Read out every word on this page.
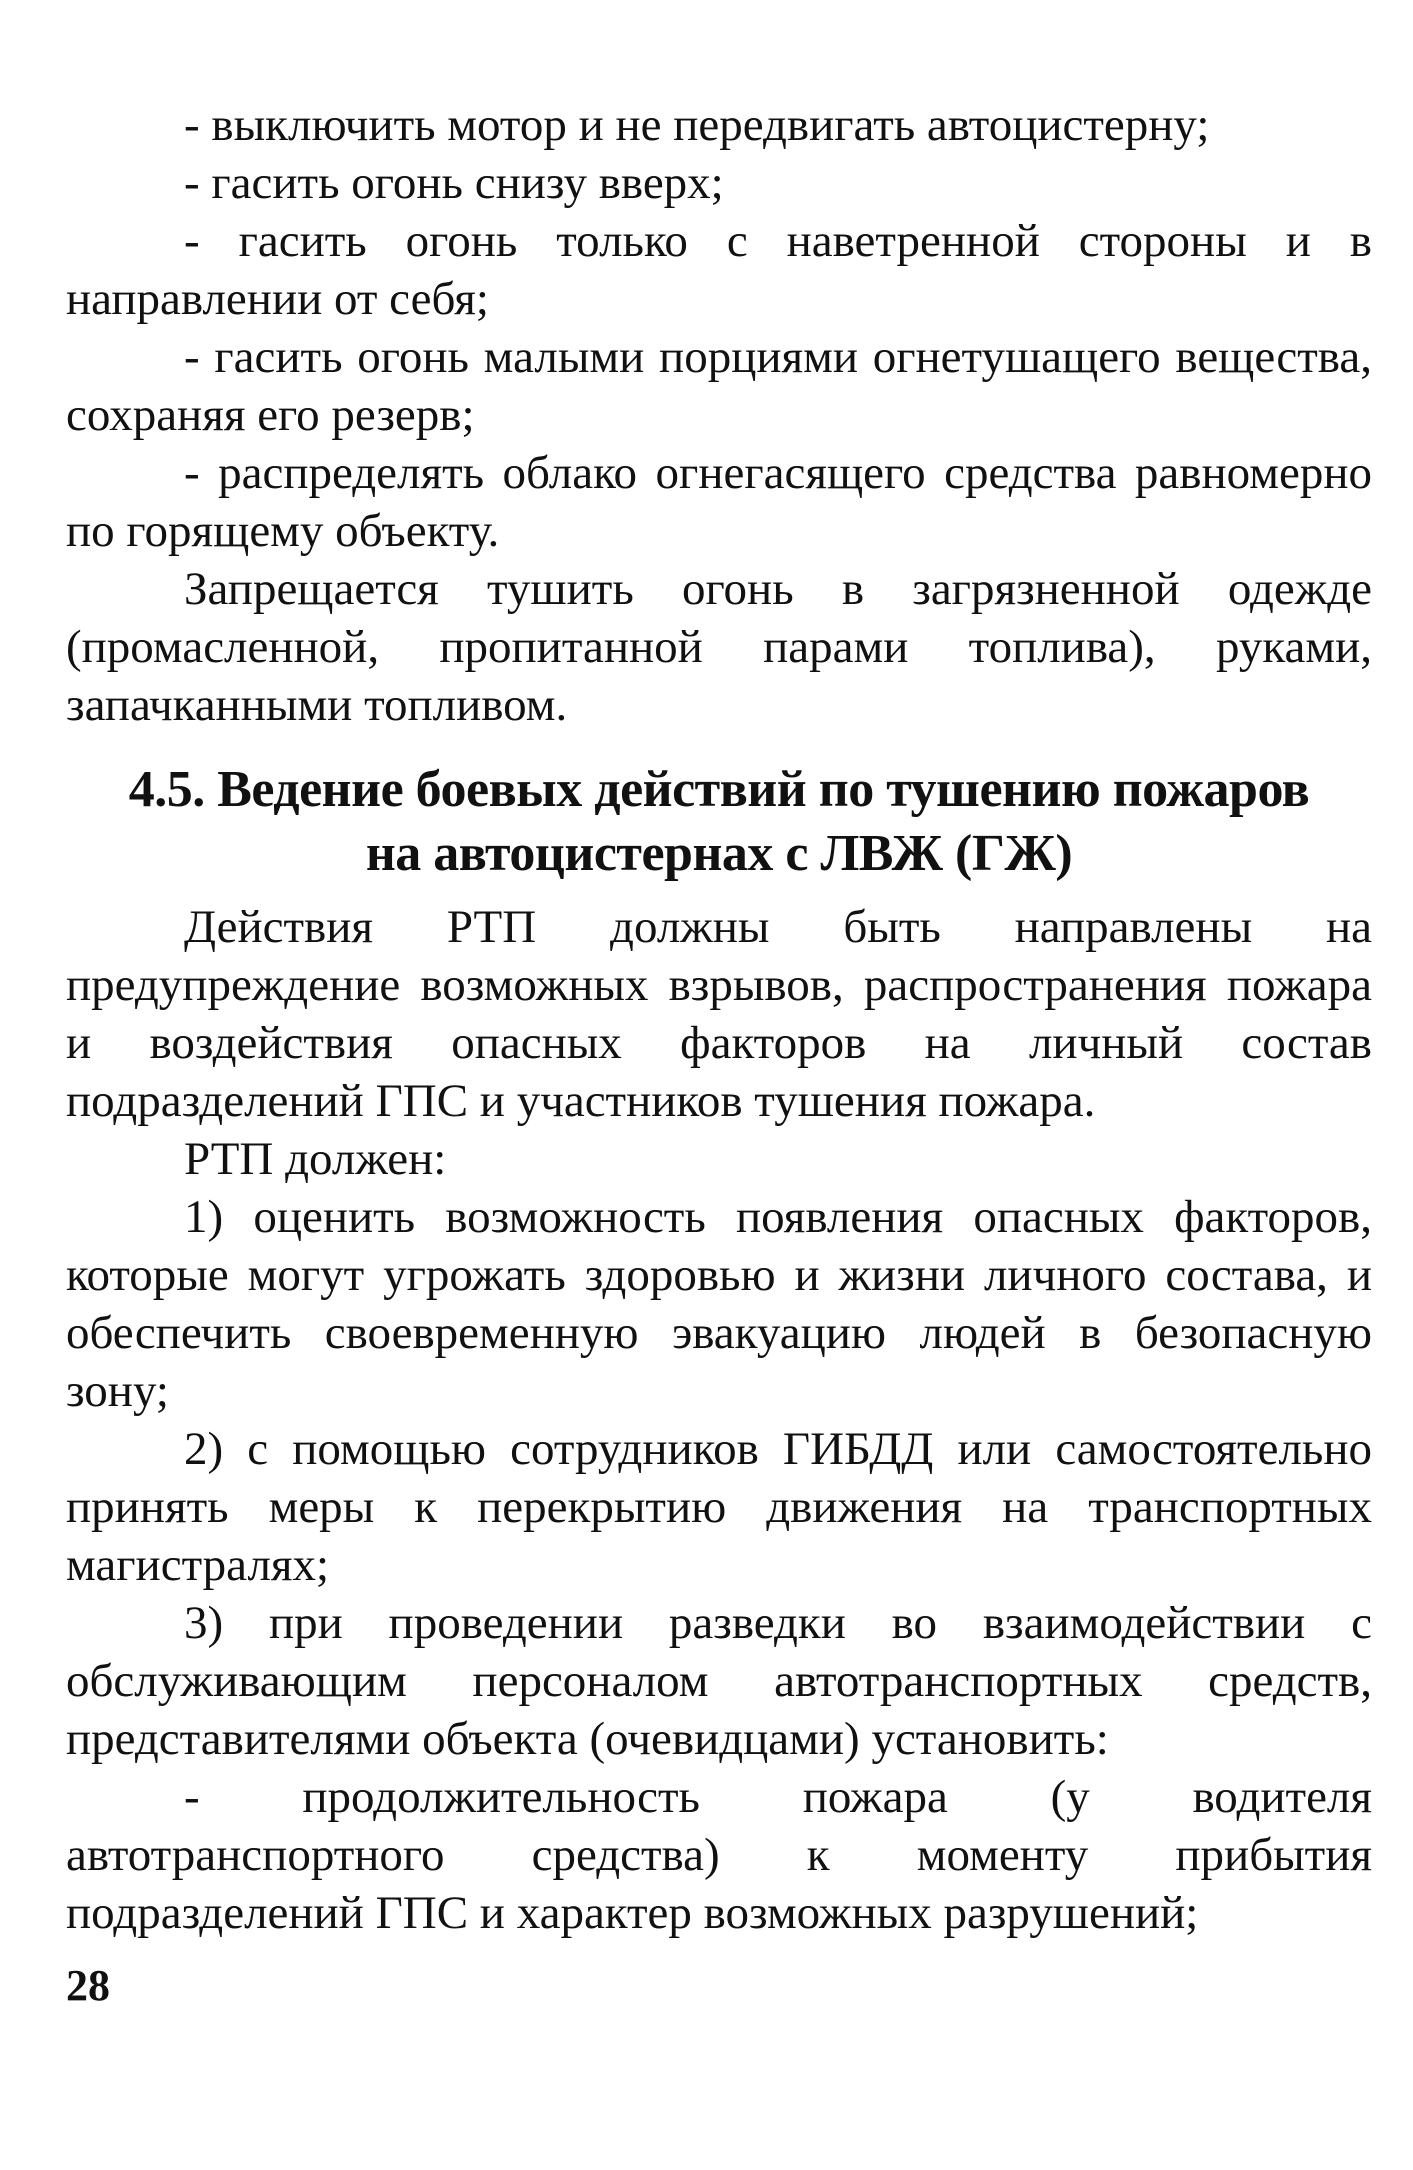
- выключить мотор и не передвигать автоцистерну;

- гасить огонь снизу вверх;

- гасить огонь только с наветренной стороны и в направлении от себя;

- гасить огонь малыми порциями огнетушащего вещества, сохраняя его резерв;

- распределять облако огнегасящего средства равномерно по горящему объекту.

Запрещается тушить огонь в загрязненной одежде (промасленной, пропитанной парами топлива), руками, запачканными топливом.

4.5. Ведение боевых действий по тушению пожаров
на автоцистернах с ЛВЖ (ГЖ)

Действия РТП должны быть направлены на предупреждение возможных взрывов, распространения пожара и воздействия опасных факторов на личный состав подразделений ГПС и участников тушения пожара.

РТП должен:

1) оценить возможность появления опасных факторов, которые могут угрожать здоровью и жизни личного состава, и обеспечить своевременную эвакуацию людей в безопасную зону;

2) с помощью сотрудников ГИБДД или самостоятельно принять меры к перекрытию движения на транспортных магистралях;

3) при проведении разведки во взаимодействии с обслуживающим персоналом автотранспортных средств, представителями объекта (очевидцами) установить:

- продолжительность пожара (у водителя автотранспортного средства) к моменту прибытия подразделений ГПС и характер возможных разрушений;

28
